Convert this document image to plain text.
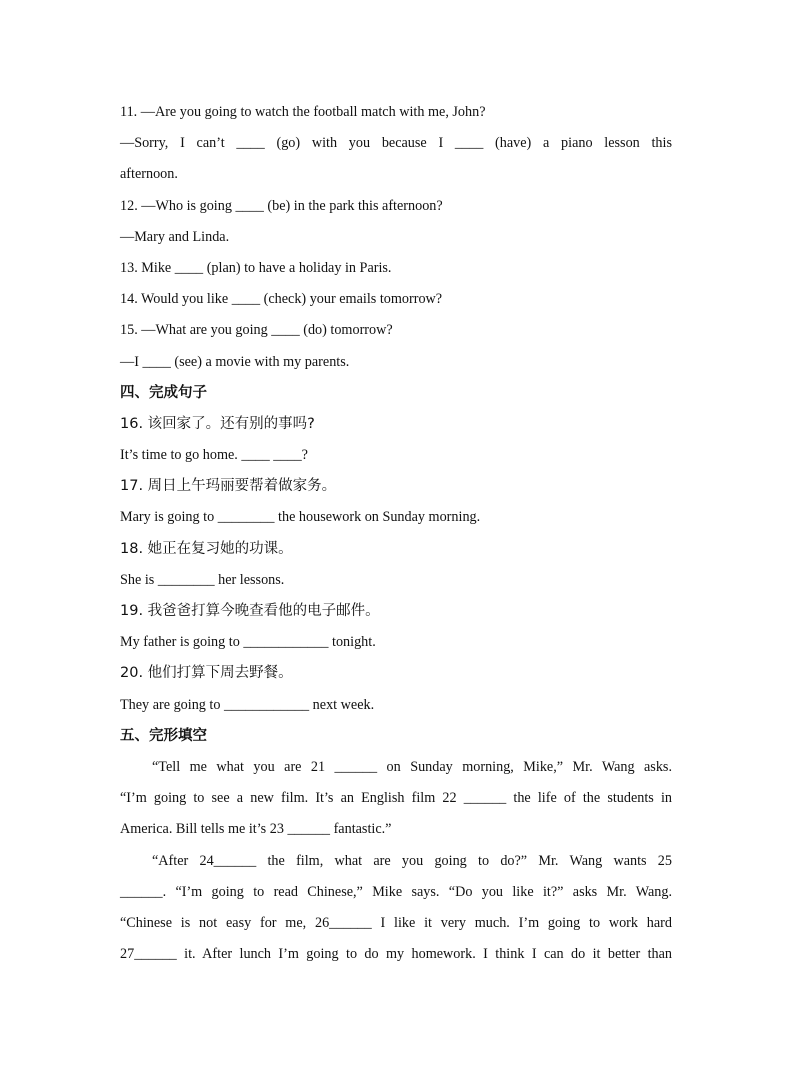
11. —Are you going to watch the football match with me, John?
—Sorry, I can’t ____ (go) with you because I ____ (have) a piano lesson this
afternoon.
12. —Who is going ____ (be) in the park this afternoon?
—Mary and Linda.
13. Mike ____ (plan) to have a holiday in Paris.
14. Would you like ____ (check) your emails tomorrow?
15. —What are you going ____ (do) tomorrow?
—I ____ (see) a movie with my parents.
四、完成句子
16. 该回家了。还有别的事吗?
It’s time to go home. ____ ____?
17. 周日上午玛丽要帮着做家务。
Mary is going to ________ the housework on Sunday morning.
18. 她正在复习她的功课。
She is ________ her lessons.
19. 我爸爸打算今晚查看他的电子邮件。
My father is going to ____________ tonight.
20. 他们打算下周去野餐。
They are going to ____________ next week.
五、完形填空
“Tell me what you are 21 ______ on Sunday morning, Mike,” Mr. Wang asks.
“I’m going to see a new film. It’s an English film 22 ______ the life of the students in
America. Bill tells me it’s 23 ______ fantastic.”
“After 24______ the film, what are you going to do?” Mr. Wang wants 25
______. “I’m going to read Chinese,” Mike says. “Do you like it?” asks Mr. Wang.
“Chinese is not easy for me, 26______ I like it very much. I’m going to work hard
27______ it. After lunch I’m going to do my homework. I think I can do it better than
